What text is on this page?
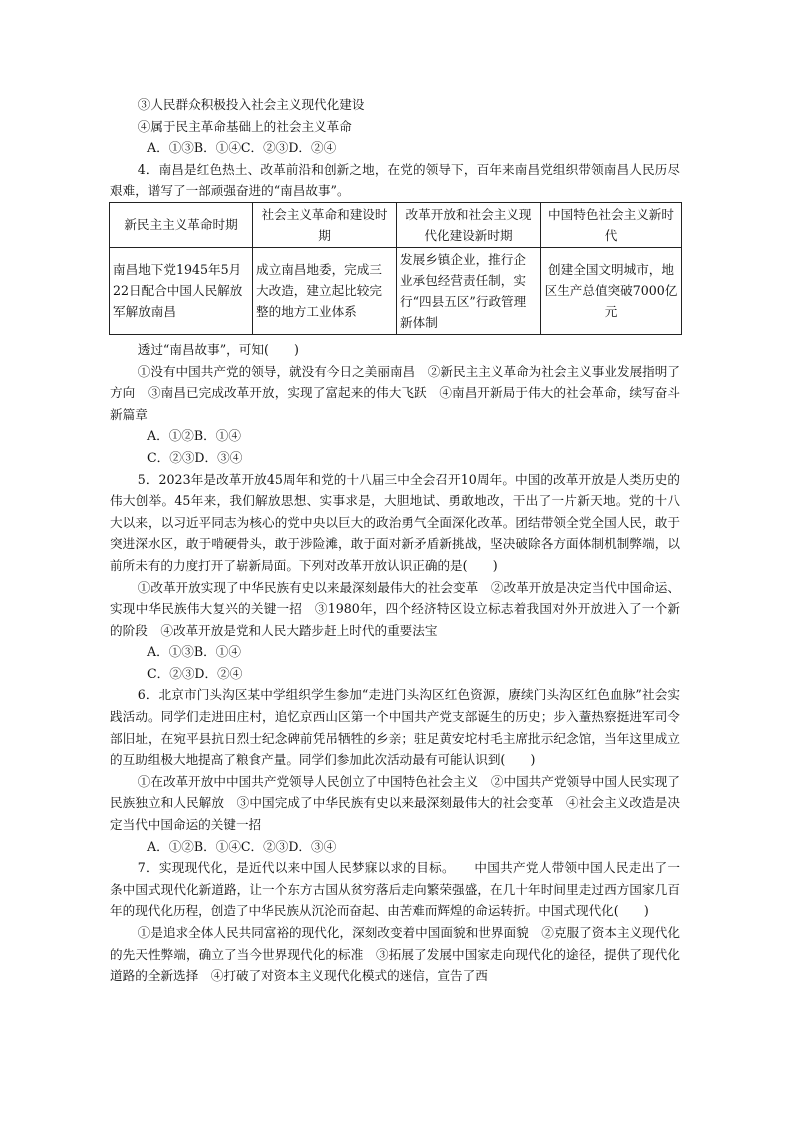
③人民群众积极投入社会主义现代化建设

④属于民主革命基础上的社会主义革命

A．①③B．①④C．②③D．②④

4．南昌是红色热土、改革前沿和创新之地，在党的领导下，百年来南昌党组织带领南昌人民历尽艰难，谱写了一部顽强奋进的“南昌故事”。

新民主主义革命时期	社会主义革命和建设时期	改革开放和社会主义现代化建设新时期	中国特色社会主义新时代
南昌地下党1945年5月22日配合中国人民解放军解放南昌	成立南昌地委，完成三大改造，建立起比较完整的地方工业体系	发展乡镇企业，推行企业承包经营责任制，实行“四县五区”行政管理新体制	创建全国文明城市，地区生产总值突破7000亿元

透过“南昌故事”，可知(　　)

①没有中国共产党的领导，就没有今日之美丽南昌　②新民主主义革命为社会主义事业发展指明了方向　③南昌已完成改革开放，实现了富起来的伟大飞跃　④南昌开新局于伟大的社会革命，续写奋斗新篇章

A．①②B．①④

C．②③D．③④

5．2023年是改革开放45周年和党的十八届三中全会召开10周年。中国的改革开放是人类历史的伟大创举。45年来，我们解放思想、实事求是，大胆地试、勇敢地改，干出了一片新天地。党的十八大以来，以习近平同志为核心的党中央以巨大的政治勇气全面深化改革。团结带领全党全国人民，敢于突进深水区，敢于啃硬骨头，敢于涉险滩，敢于面对新矛盾新挑战，坚决破除各方面体制机制弊端，以前所未有的力度打开了崭新局面。下列对改革开放认识正确的是(　　)

①改革开放实现了中华民族有史以来最深刻最伟大的社会变革　②改革开放是决定当代中国命运、实现中华民族伟大复兴的关键一招　③1980年，四个经济特区设立标志着我国对外开放进入了一个新的阶段　④改革开放是党和人民大踏步赶上时代的重要法宝

A．①③B．①④

C．②③D．②④

6．北京市门头沟区某中学组织学生参加“走进门头沟区红色资源，赓续门头沟区红色血脉”社会实践活动。同学们走进田庄村，追忆京西山区第一个中国共产党支部诞生的历史；步入蕫热察挺进军司令部旧址，在宛平县抗日烈士纪念碑前凭吊牺牲的乡亲；驻足黄安坨村毛主席批示纪念馆，当年这里成立的互助组极大地提高了粮食产量。同学们参加此次活动最有可能认识到(　　)

①在改革开放中中国共产党领导人民创立了中国特色社会主义　②中国共产党领导中国人民实现了民族独立和人民解放　③中国完成了中华民族有史以来最深刻最伟大的社会变革　④社会主义改造是决定当代中国命运的关键一招

A．①②B．①④C．②③D．③④

7．实现现代化，是近代以来中国人民梦寐以求的目标。　　中国共产党人带领中国人民走出了一条中国式现代化新道路，让一个东方古国从贫穷落后走向繁荣强盛，在几十年时间里走过西方国家几百年的现代化历程，创造了中华民族从沉沦而奋起、由苦难而辉煌的命运转折。中国式现代化(　　)

①是追求全体人民共同富裕的现代化，深刻改变着中国面貌和世界面貌　②克服了资本主义现代化的先天性弊端，确立了当今世界现代化的标准　③拓展了发展中国家走向现代化的途径，提供了现代化道路的全新选择　④打破了对资本主义现代化模式的迷信，宣告了西
